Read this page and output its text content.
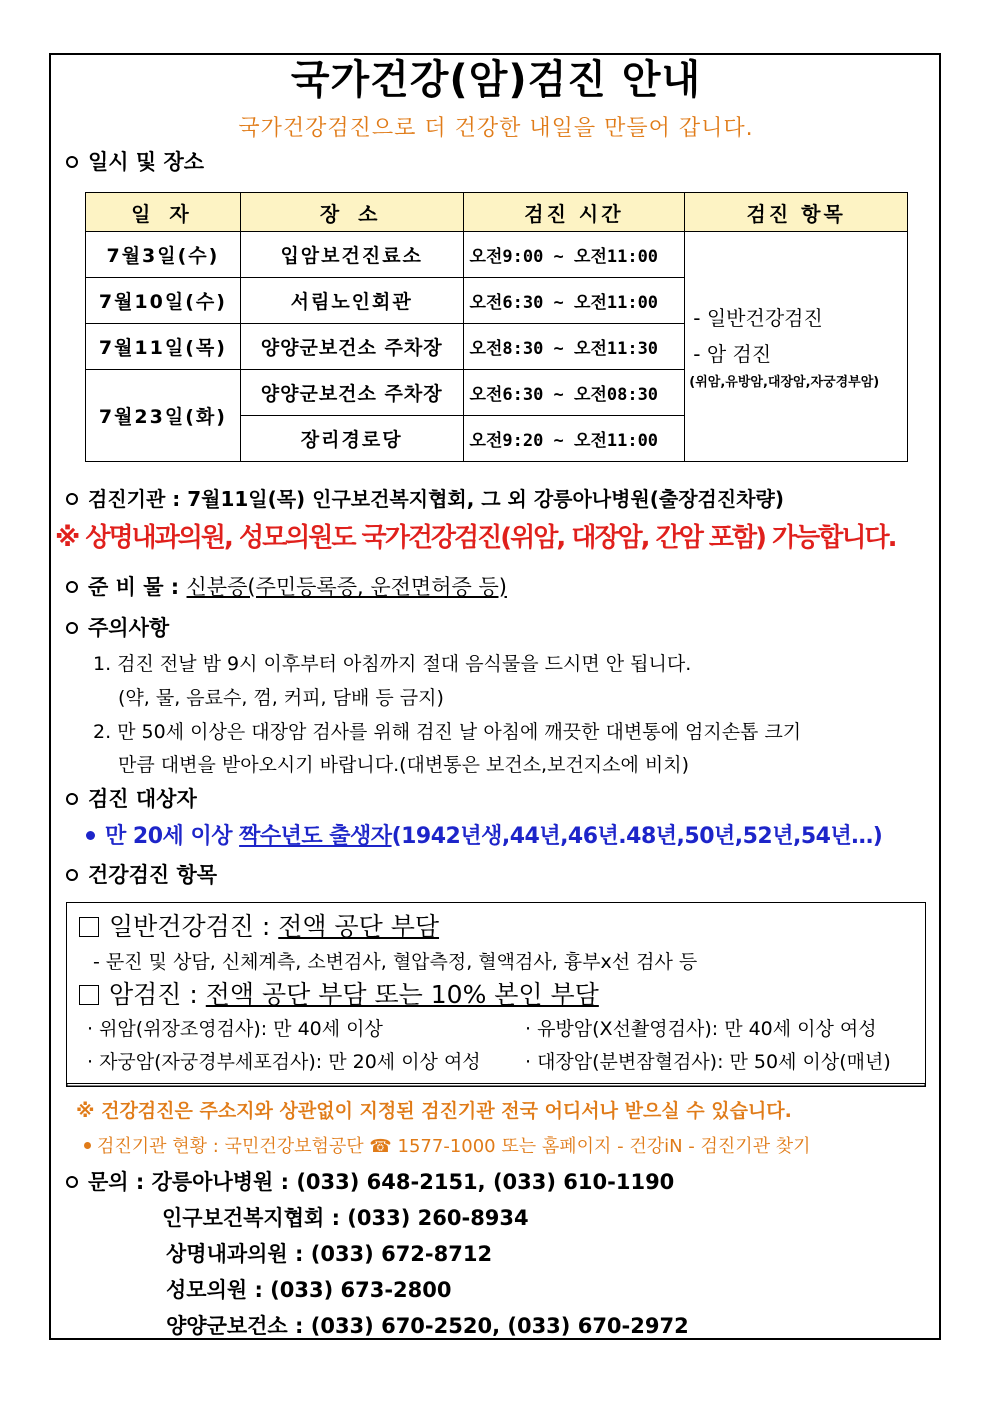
국가건강(암)검진 안내
국가건강검진으로 더 건강한 내일을 만들어 갑니다.
일시 및 장소
일 자	장 소	검진 시간	검진 항목
7월3일(수)	입암보건진료소	오전9:00 ~ 오전11:00	- 일반건강검진
- 암 검진
(위암,유방암,대장암,자궁경부암)

7월10일(수)	서림노인회관	오전6:30 ~ 오전11:00	
7월11일(목)	양양군보건소 주차장	오전8:30 ~ 오전11:30	
7월23일(화)	양양군보건소 주차장	오전6:30 ~ 오전08:30	
	장리경로당	오전9:20 ~ 오전11:00	
검진기관 : 7월11일(목) 인구보건복지협회, 그 외 강릉아나병원(출장검진차량)
※ 상명내과의원, 성모의원도 국가건강검진(위암, 대장암, 간암 포함) 가능합니다.
준 비 물 : 신분증(주민등록증, 운전면허증 등)
주의사항
1. 검진 전날 밤 9시 이후부터 아침까지 절대 음식물을 드시면 안 됩니다.
(약, 물, 음료수, 껌, 커피, 담배 등 금지)
2. 만 50세 이상은 대장암 검사를 위해 검진 날 아침에 깨끗한 대변통에 엄지손톱 크기
만큼 대변을 받아오시기 바랍니다.(대변통은 보건소,보건지소에 비치)
검진 대상자
만 20세 이상 짝수년도 출생자(1942년생,44년,46년.48년,50년,52년,54년…)
건강검진 항목
일반건강검진 : 전액 공단 부담
- 문진 및 상담, 신체계측, 소변검사, 혈압측정, 혈액검사, 흉부x선 검사 등
암검진 : 전액 공단 부담 또는 10% 본인 부담
· 위암(위장조영검사): 만 40세 이상	· 유방암(X선촬영검사): 만 40세 이상 여성
· 자궁암(자궁경부세포검사): 만 20세 이상 여성 · 대장암(분변잠혈검사): 만 50세 이상(매년)
※ 건강검진은 주소지와 상관없이 지정된 검진기관 전국 어디서나 받으실 수 있습니다.
검진기관 현황 : 국민건강보험공단 ☎ 1577-1000 또는 홈페이지 - 건강iN - 검진기관 찾기
문의 : 강릉아나병원 : (033) 648-2151, (033) 610-1190
인구보건복지협회 : (033) 260-8934
상명내과의원 : (033) 672-8712
성모의원 : (033) 673-2800
양양군보건소 : (033) 670-2520, (033) 670-2972
